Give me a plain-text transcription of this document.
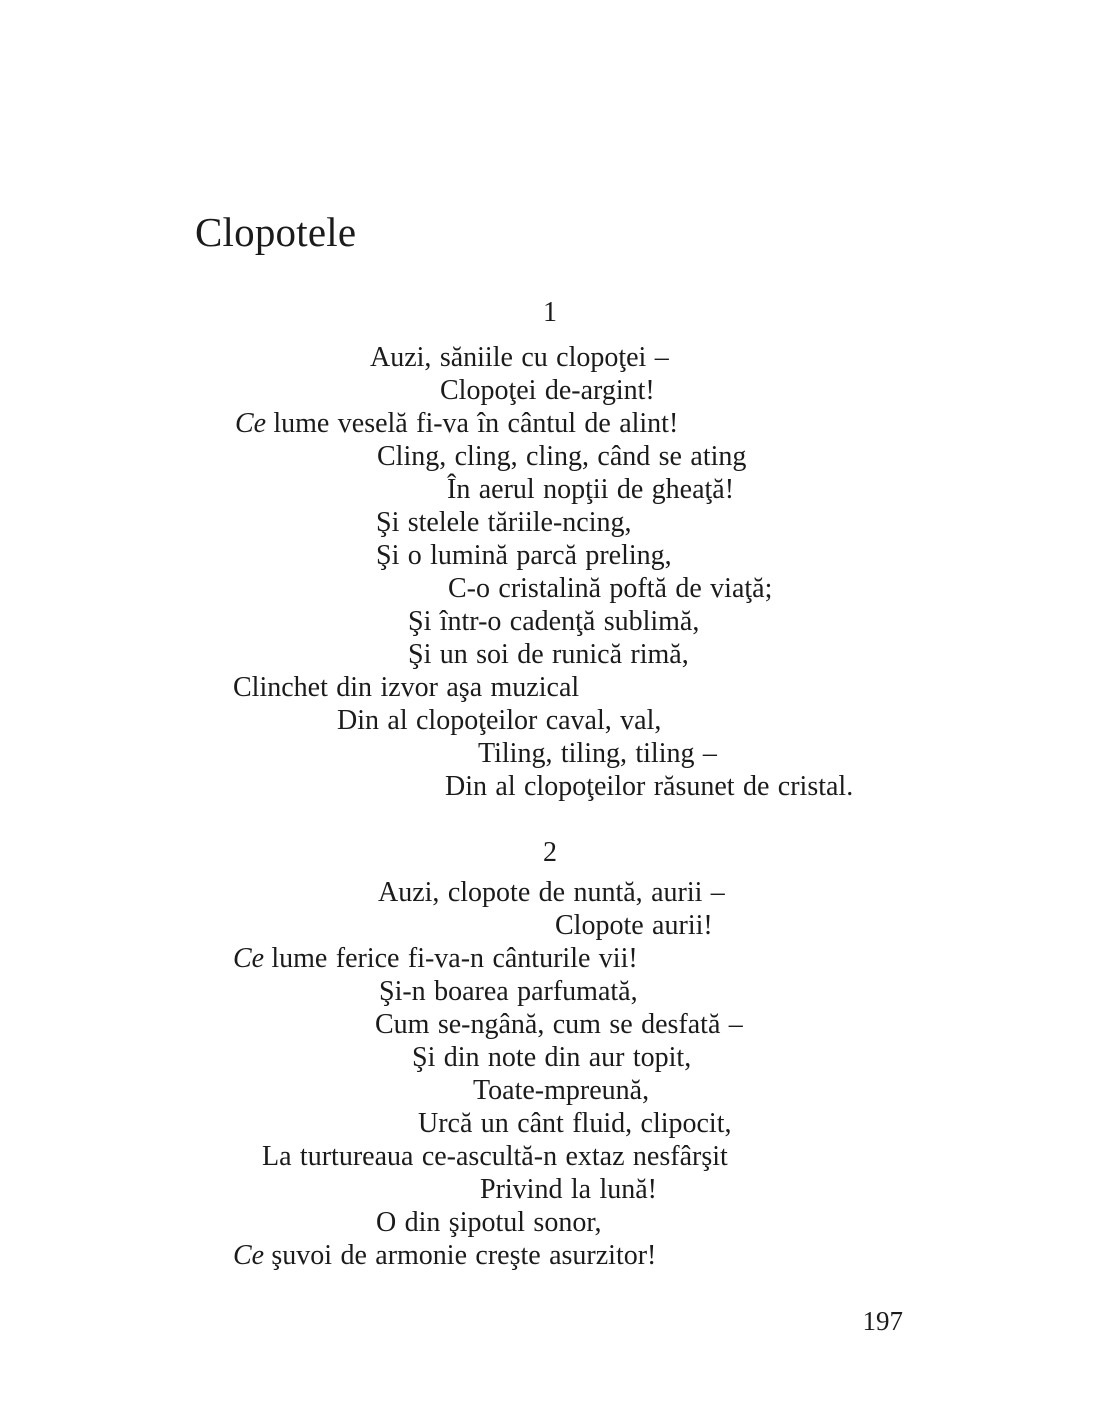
Clopotele
1
Auzi, săniile cu clopoţei –
Clopoţei de-argint!
Ce lume veselă fi-va în cântul de alint!
Cling, cling, cling, când se ating
În aerul nopţii de gheaţă!
Şi stelele tăriile-ncing,
Şi o lumină parcă preling,
C-o cristalină poftă de viaţă;
Şi într-o cadenţă sublimă,
Şi un soi de runică rimă,
Clinchet din izvor aşa muzical
Din al clopoţeilor caval, val,
Tiling, tiling, tiling –
Din al clopoţeilor răsunet de cristal.
2
Auzi, clopote de nuntă, aurii –
Clopote aurii!
Ce lume ferice fi-va-n cânturile vii!
Şi-n boarea parfumată,
Cum se-ngână, cum se desfată –
Şi din note din aur topit,
Toate-mpreună,
Urcă un cânt fluid, clipocit,
La turtureaua ce-ascultă-n extaz nesfârşit
Privind la lună!
O din şipotul sonor,
Ce şuvoi de armonie creşte asurzitor!
197
